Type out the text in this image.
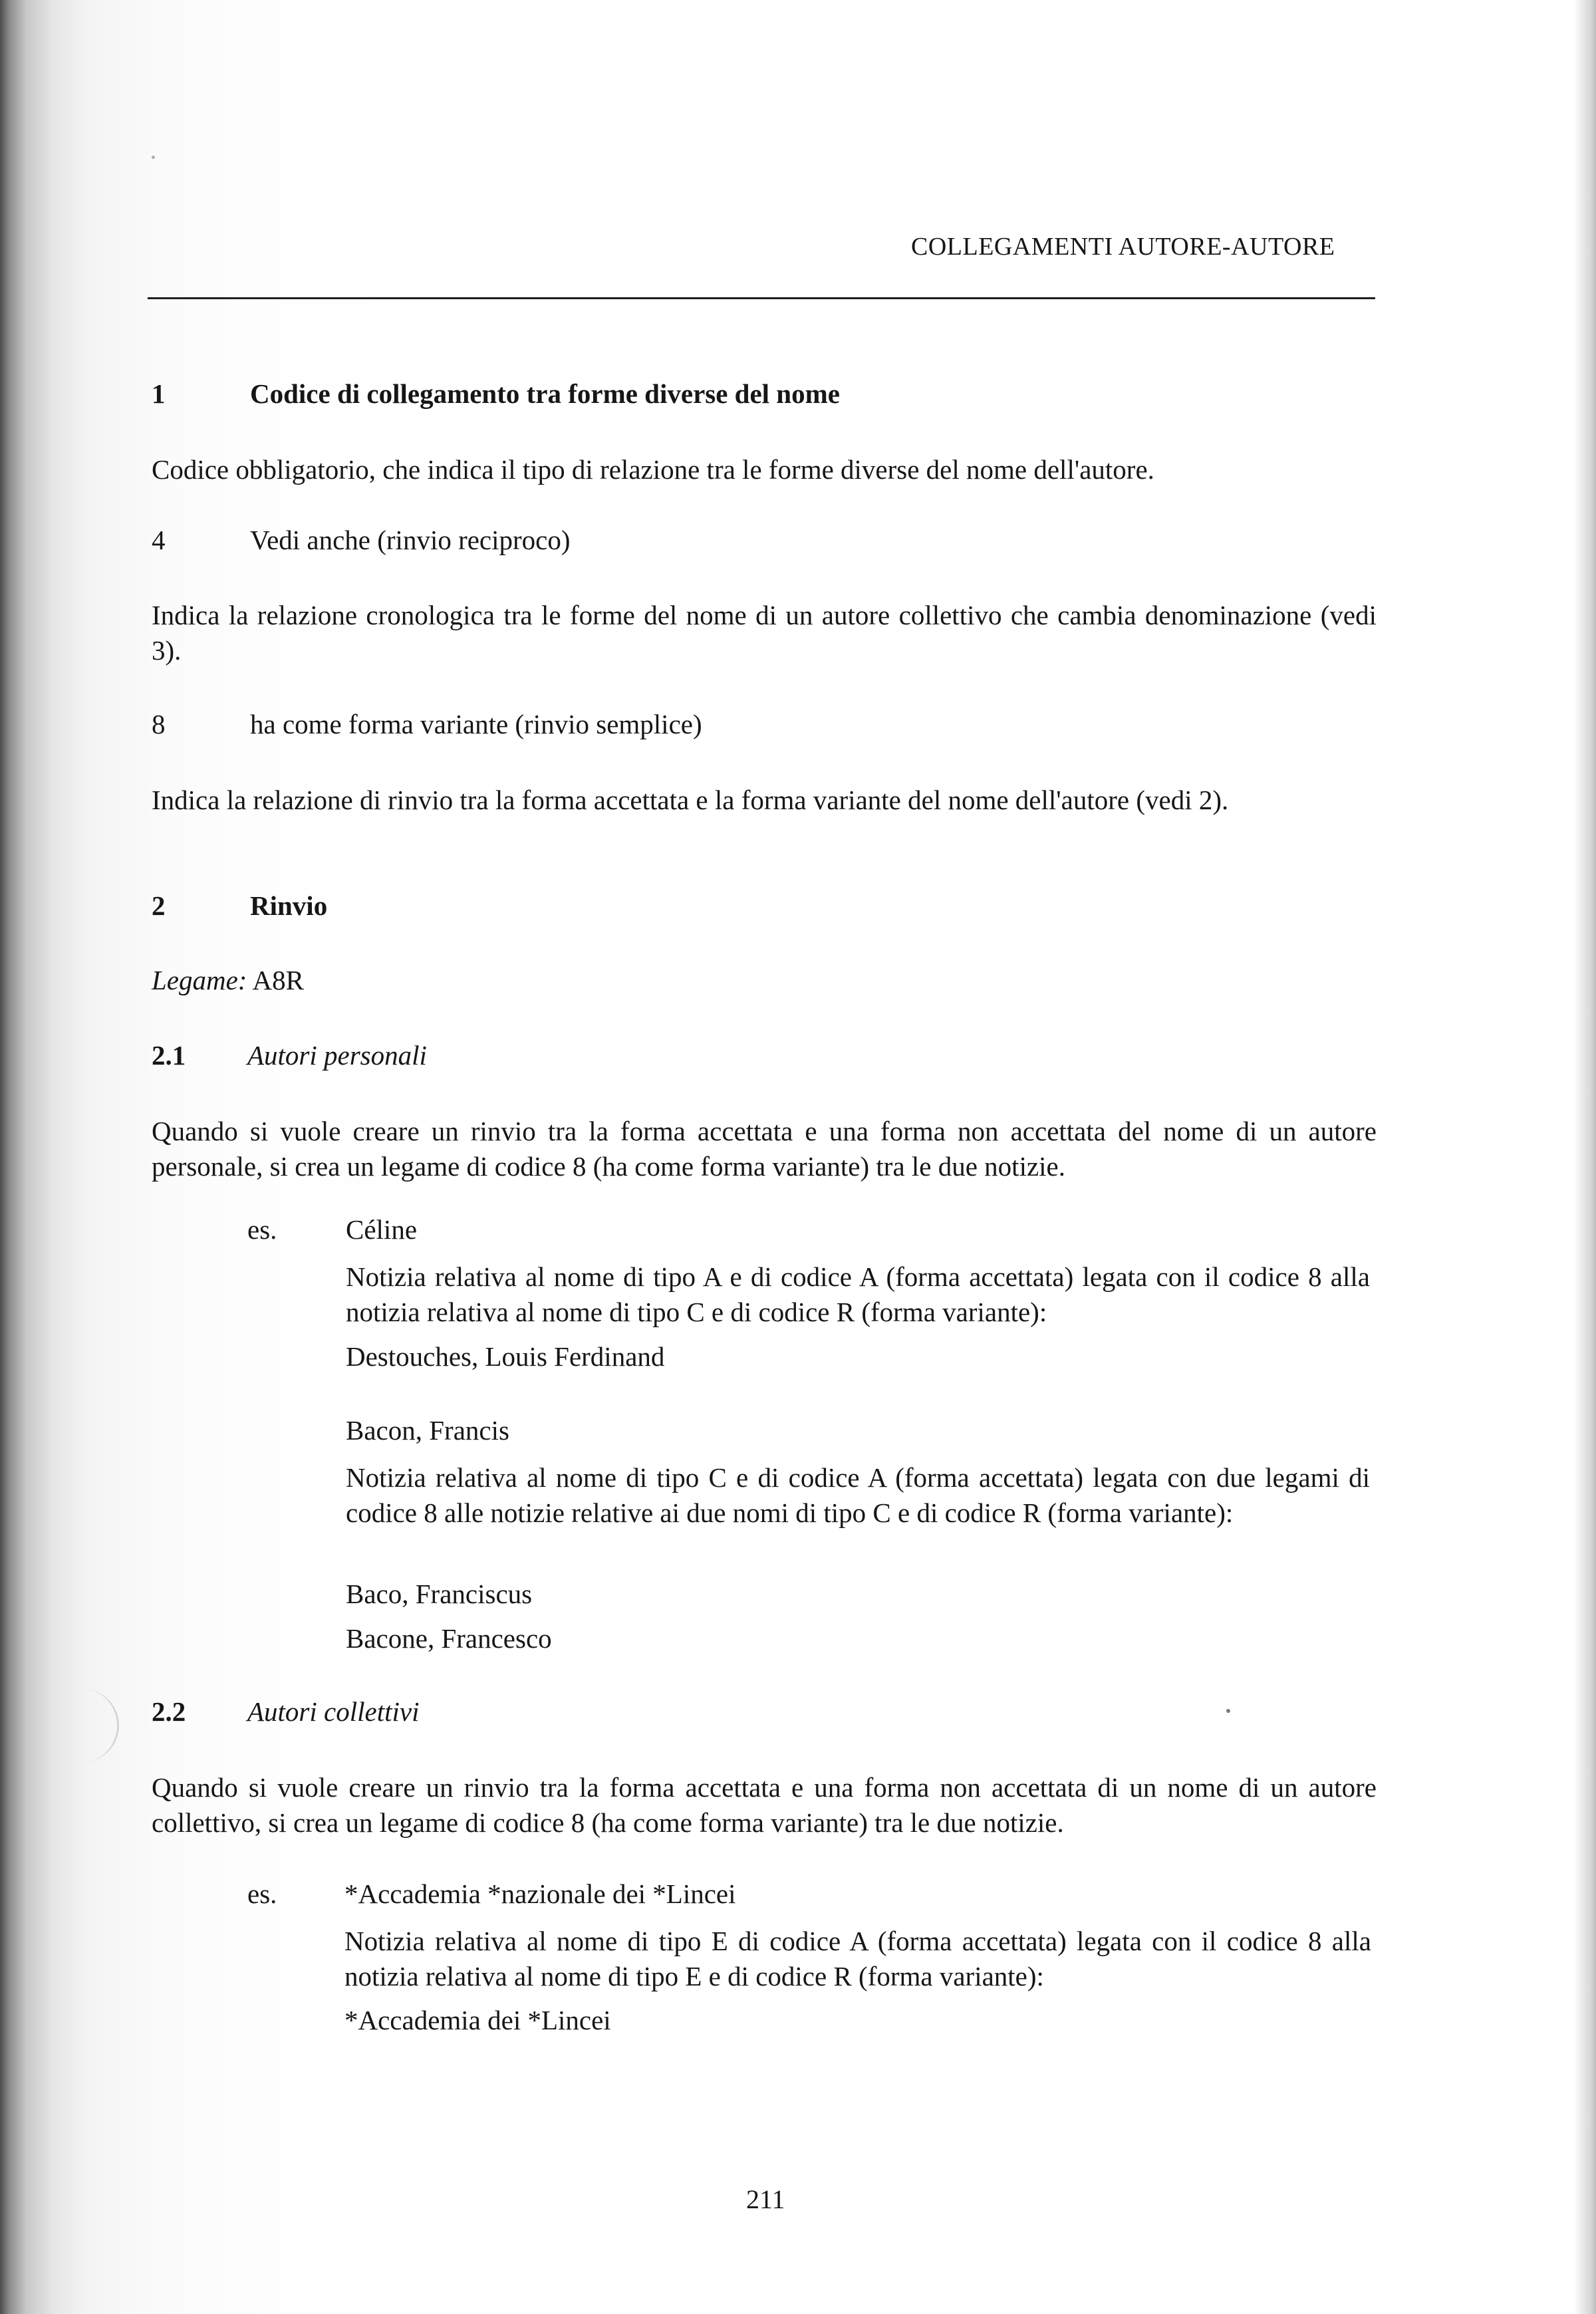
COLLEGAMENTI AUTORE-AUTORE
1	Codice di collegamento tra forme diverse del nome
Codice obbligatorio, che indica il tipo di relazione tra le forme diverse del nome dell'autore.
4	Vedi anche (rinvio reciproco)
Indica la relazione cronologica tra le forme del nome di un autore collettivo che cambia denominazione (vedi 3).
8	ha come forma variante (rinvio semplice)
Indica la relazione di rinvio tra la forma accettata e la forma variante del nome dell'autore (vedi 2).
2	Rinvio
Legame: A8R
2.1 Autori personali
Quando si vuole creare un rinvio tra la forma accettata e una forma non accettata del nome di un autore personale, si crea un legame di codice 8 (ha come forma variante) tra le due notizie.
es.	Céline
Notizia relativa al nome di tipo A e di codice A (forma accettata) legata con il codice 8 alla notizia relativa al nome di tipo C e di codice R (forma variante):
Destouches, Louis Ferdinand
Bacon, Francis
Notizia relativa al nome di tipo C e di codice A (forma accettata) legata con due legami di codice 8 alle notizie relative ai due nomi di tipo C e di codice R (forma variante):
Baco, Franciscus
Bacone, Francesco
2.2 Autori collettivi
Quando si vuole creare un rinvio tra la forma accettata e una forma non accettata di un nome di un autore collettivo, si crea un legame di codice 8 (ha come forma variante) tra le due notizie.
es. *Accademia *nazionale dei *Lincei
Notizia relativa al nome di tipo E di codice A (forma accettata) legata con il codice 8 alla notizia relativa al nome di tipo E e di codice R (forma variante):
*Accademia dei *Lincei
211
